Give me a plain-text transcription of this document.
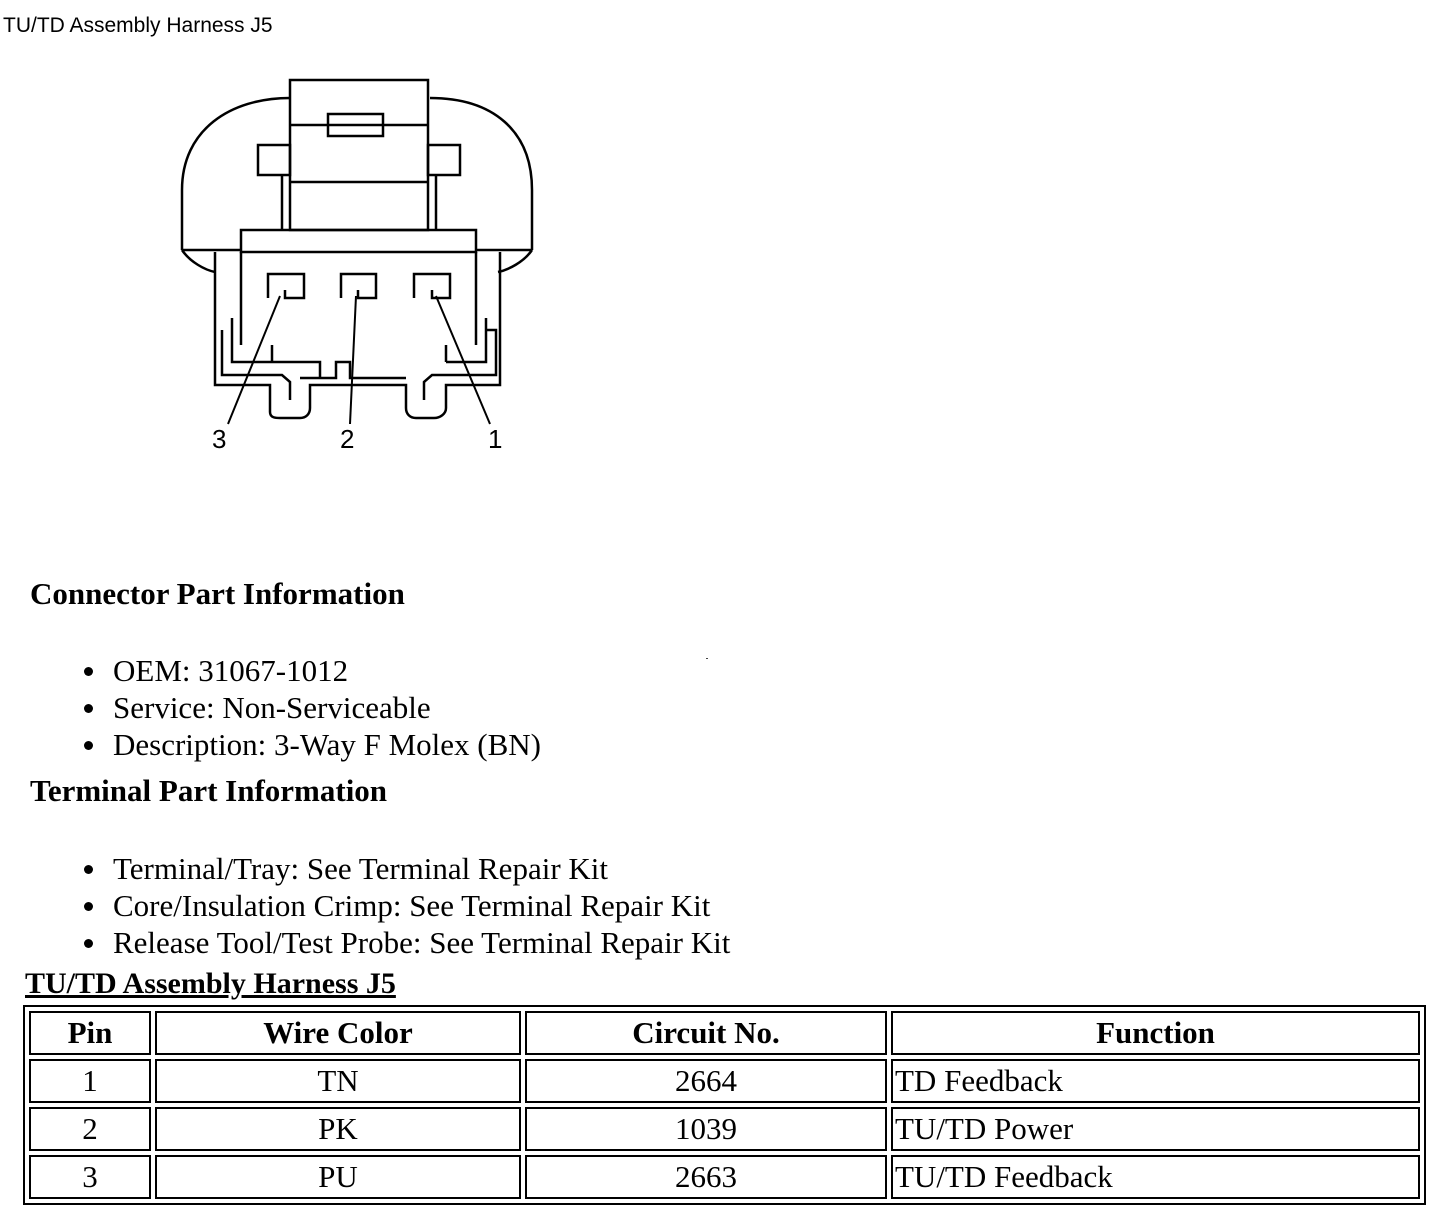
TU/TD Assembly Harness J5
3	2	1
Connector Part Information
OEM: 31067-1012
Service: Non-Serviceable
Description: 3-Way F Molex (BN)
Terminal Part Information
Terminal/Tray: See Terminal Repair Kit
Core/Insulation Crimp: See Terminal Repair Kit
Release Tool/Test Probe: See Terminal Repair Kit
TU/TD Assembly Harness J5
Pin	Wire Color	Circuit No.	Function
1	TN	2664	TD Feedback
2	PK	1039	TU/TD Power
3	PU	2663	TU/TD Feedback
